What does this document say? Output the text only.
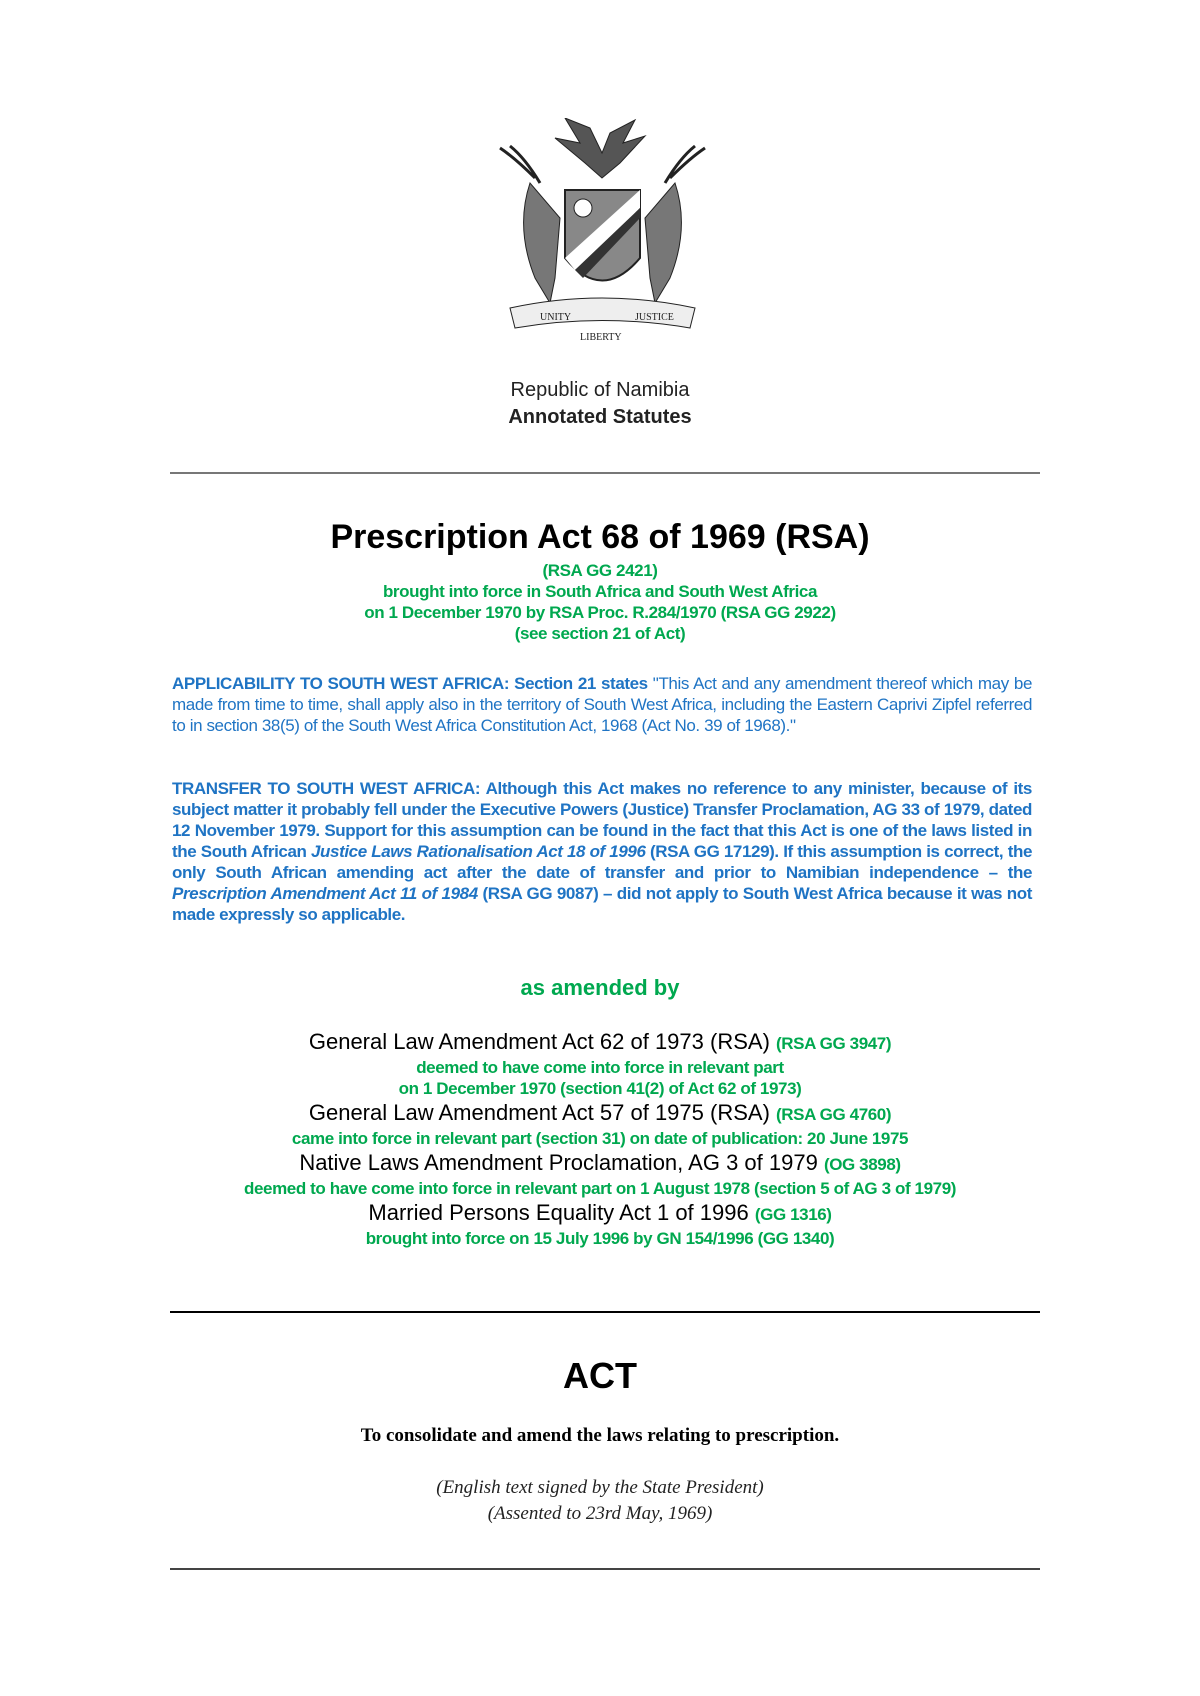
UNITY
LIBERTY
JUSTICE
Republic of Namibia
Annotated Statutes
Prescription Act 68 of 1969 (RSA)
(RSA GG 2421)
brought into force in South Africa and South West Africa
on 1 December 1970 by RSA Proc. R.284/1970 (RSA GG 2922)
(see section 21 of Act)
APPLICABILITY TO SOUTH WEST AFRICA: Section 21 states "This Act and any amendment thereof which may be made from time to time, shall apply also in the territory of South West Africa, including the Eastern Caprivi Zipfel referred to in section 38(5) of the South West Africa Constitution Act, 1968 (Act No. 39 of 1968)."
TRANSFER TO SOUTH WEST AFRICA: Although this Act makes no reference to any minister, because of its subject matter it probably fell under the Executive Powers (Justice) Transfer Proclamation, AG 33 of 1979, dated 12 November 1979. Support for this assumption can be found in the fact that this Act is one of the laws listed in the South African Justice Laws Rationalisation Act 18 of 1996 (RSA GG 17129). If this assumption is correct, the only South African amending act after the date of transfer and prior to Namibian independence – the Prescription Amendment Act 11 of 1984 (RSA GG 9087) – did not apply to South West Africa because it was not made expressly so applicable.
as amended by
General Law Amendment Act 62 of 1973 (RSA) (RSA GG 3947)
deemed to have come into force in relevant part
on 1 December 1970 (section 41(2) of Act 62 of 1973)
General Law Amendment Act 57 of 1975 (RSA) (RSA GG 4760)
came into force in relevant part (section 31) on date of publication: 20 June 1975
Native Laws Amendment Proclamation, AG 3 of 1979 (OG 3898)
deemed to have come into force in relevant part on 1 August 1978 (section 5 of AG 3 of 1979)
Married Persons Equality Act 1 of 1996 (GG 1316)
brought into force on 15 July 1996 by GN 154/1996 (GG 1340)
ACT
To consolidate and amend the laws relating to prescription.
(English text signed by the State President)
(Assented to 23rd May, 1969)
